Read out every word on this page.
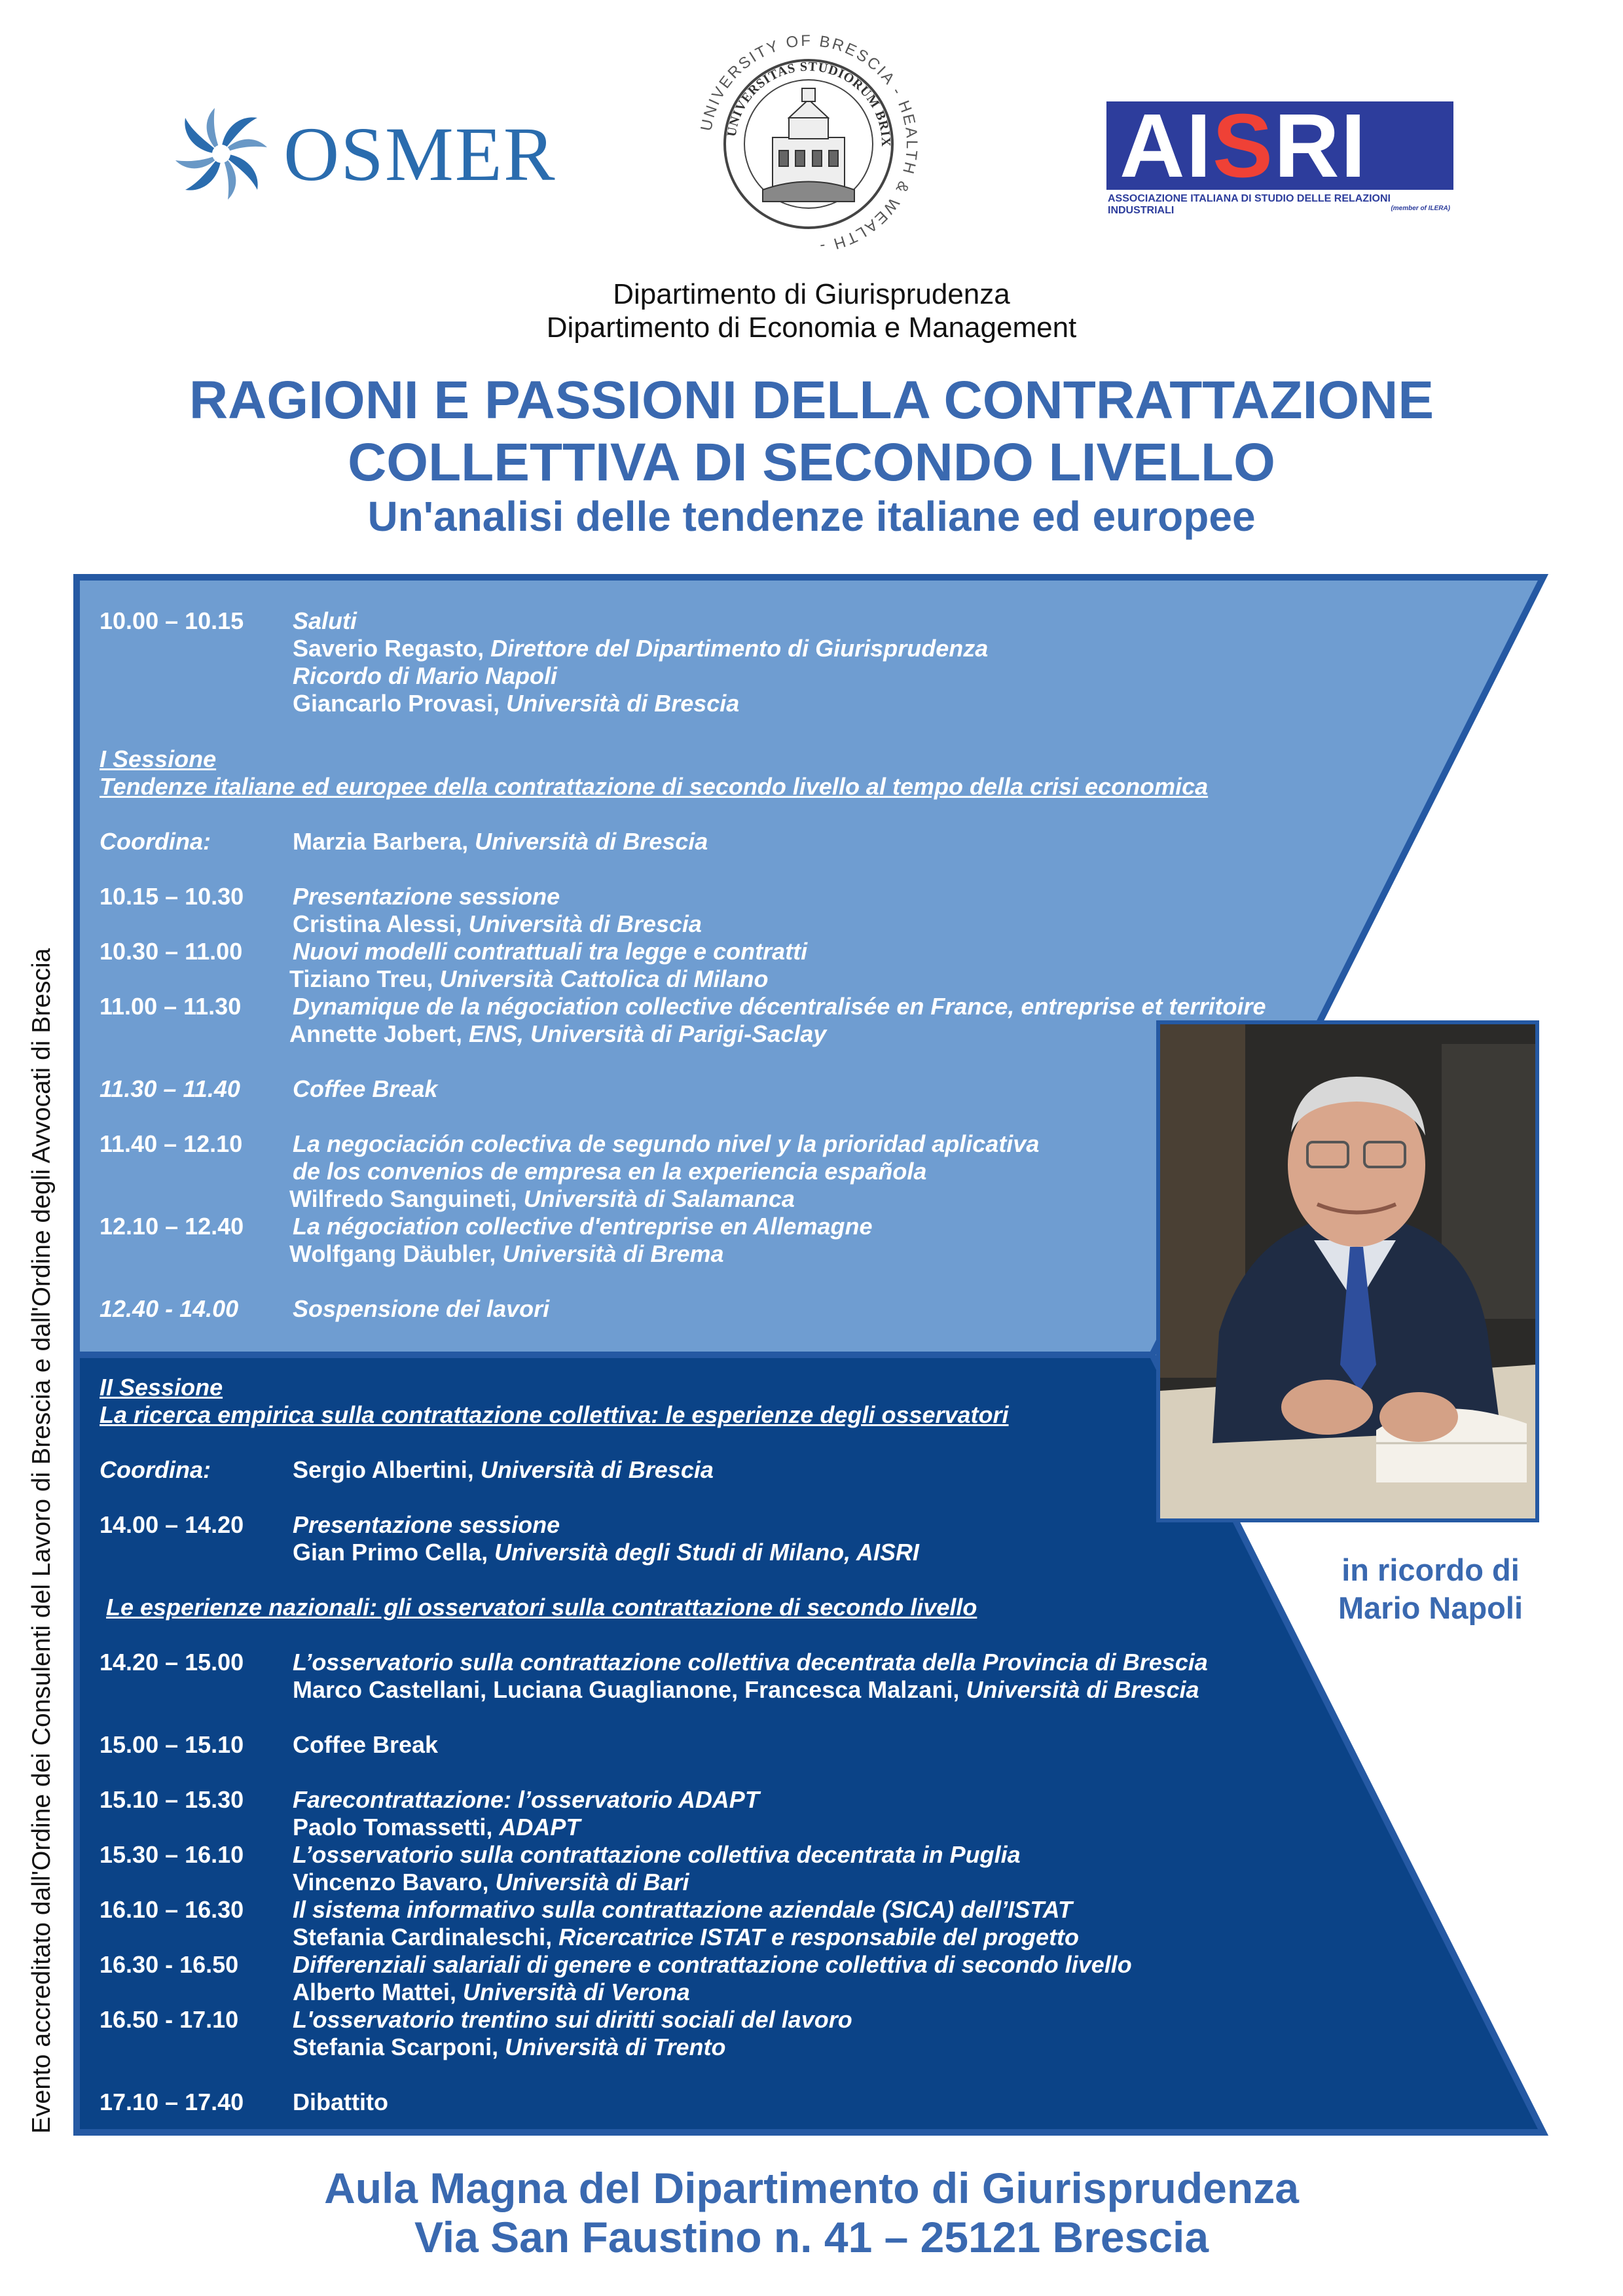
OSMER	UNIVERSITY OF BRESCIA - HEALTH & WEALTH -
UNIVERSITAS STUDIORUM BRIX	AISRI
ASSOCIAZIONE ITALIANA DI STUDIO DELLE RELAZIONI INDUSTRIALI	(member of ILERA)
Dipartimento di Giurisprudenza
Dipartimento di Economia e Management
RAGIONI E PASSIONI DELLA CONTRATTAZIONE
COLLETTIVA DI SECONDO LIVELLO
Un'analisi delle tendenze italiane ed europee
Evento accreditato dall'Ordine dei Consulenti del Lavoro di Brescia e dall'Ordine degli Avvocati di Brescia
10.00 – 10.15 Saluti
Saverio Regasto, Direttore del Dipartimento di Giurisprudenza
Ricordo di Mario Napoli
Giancarlo Provasi, Università di Brescia
I Sessione
Tendenze italiane ed europee della contrattazione di secondo livello al tempo della crisi economica
Coordina:	Marzia Barbera, Università di Brescia
10.15 – 10.30 Presentazione sessione
Cristina Alessi, Università di Brescia
10.30 – 11.00 Nuovi modelli contrattuali tra legge e contratti
Tiziano Treu, Università Cattolica di Milano
11.00 – 11.30 Dynamique de la négociation collective décentralisée en France, entreprise et territoire
Annette Jobert, ENS, Università di Parigi-Saclay
11.30 – 11.40 Coffee Break
11.40 – 12.10 La negociación colectiva de segundo nivel y la prioridad aplicativa
de los convenios de empresa en la experiencia española
Wilfredo Sanguineti, Università di Salamanca
12.10 – 12.40 La négociation collective d'entreprise en Allemagne
Wolfgang Däubler, Università di Brema
12.40 - 14.00 Sospensione dei lavori
II Sessione
La ricerca empirica sulla contrattazione collettiva: le esperienze degli osservatori
Coordina:	Sergio Albertini, Università di Brescia
14.00 – 14.20 Presentazione sessione
Gian Primo Cella, Università degli Studi di Milano, AISRI
Le esperienze nazionali: gli osservatori sulla contrattazione di secondo livello
14.20 – 15.00 L’osservatorio sulla contrattazione collettiva decentrata della Provincia di Brescia
Marco Castellani, Luciana Guaglianone, Francesca Malzani, Università di Brescia
15.00 – 15.10 Coffee Break
15.10 – 15.30 Farecontrattazione: l’osservatorio ADAPT
Paolo Tomassetti, ADAPT
15.30 – 16.10 L’osservatorio sulla contrattazione collettiva decentrata in Puglia
Vincenzo Bavaro, Università di Bari
16.10 – 16.30 Il sistema informativo sulla contrattazione aziendale (SICA) dell’ISTAT
Stefania Cardinaleschi, Ricercatrice ISTAT e responsabile del progetto
16.30 - 16.50 Differenziali salariali di genere e contrattazione collettiva di secondo livello
Alberto Mattei, Università di Verona
16.50 - 17.10 L'osservatorio trentino sui diritti sociali del lavoro
Stefania Scarponi, Università di Trento
17.10 – 17.40 Dibattito
in ricordo di
Mario Napoli
Aula Magna del Dipartimento di Giurisprudenza
Via San Faustino n. 41 – 25121 Brescia
